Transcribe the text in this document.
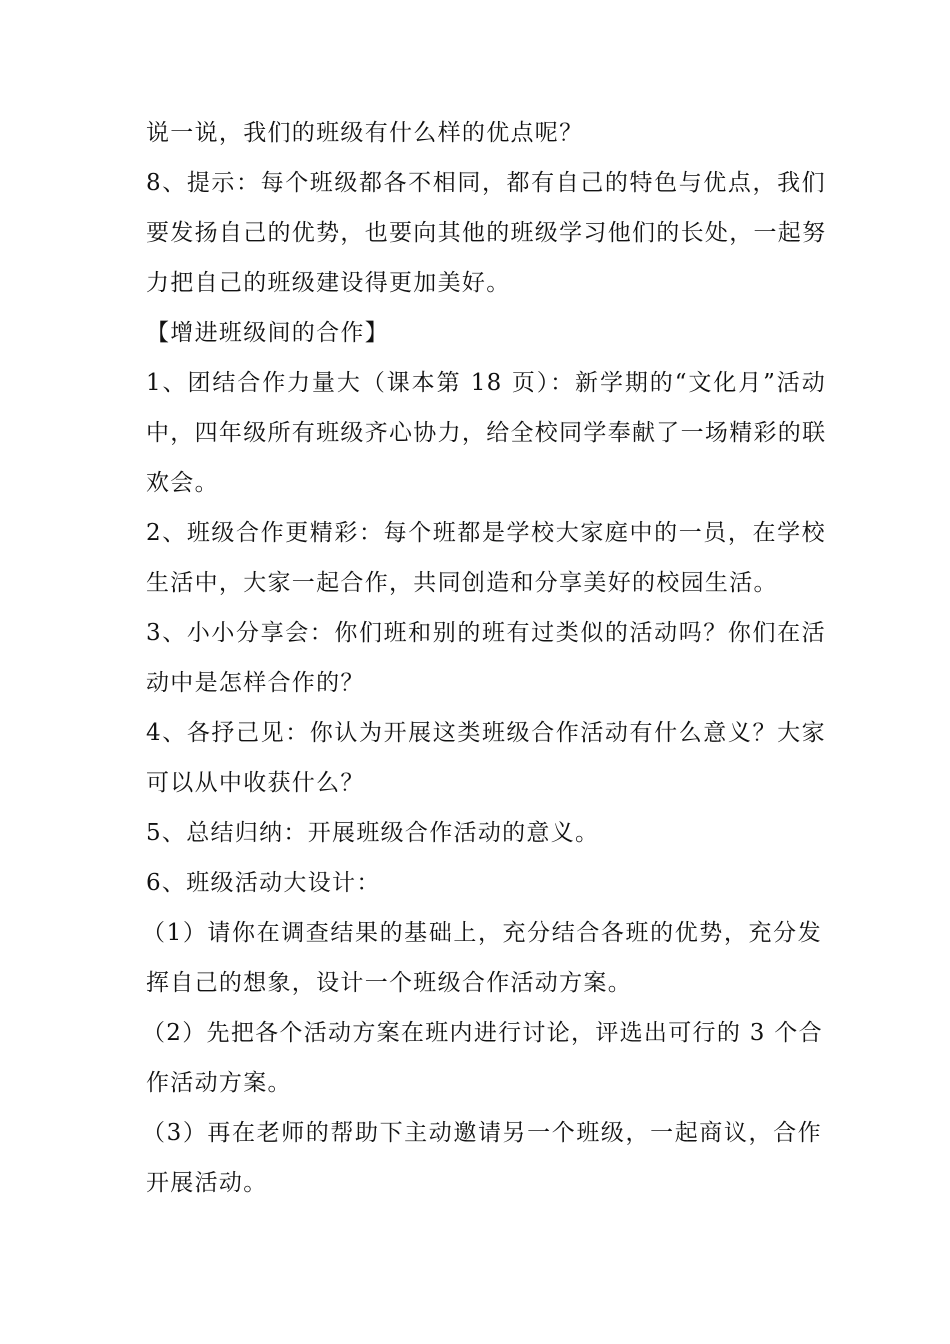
说一说，我们的班级有什么样的优点呢？
8、提示：每个班级都各不相同，都有自己的特色与优点，我们
要发扬自己的优势，也要向其他的班级学习他们的长处，一起努
力把自己的班级建设得更加美好。
【增进班级间的合作】
1、团结合作力量大（课本第 18 页）：新学期的“文化月”活动
中，四年级所有班级齐心协力，给全校同学奉献了一场精彩的联
欢会。
2、班级合作更精彩：每个班都是学校大家庭中的一员，在学校
生活中，大家一起合作，共同创造和分享美好的校园生活。
3、小小分享会：你们班和别的班有过类似的活动吗？你们在活
动中是怎样合作的？
4、各抒己见：你认为开展这类班级合作活动有什么意义？大家
可以从中收获什么？
5、总结归纳：开展班级合作活动的意义。
6、班级活动大设计：
（1）请你在调查结果的基础上，充分结合各班的优势，充分发
挥自己的想象，设计一个班级合作活动方案。
（2）先把各个活动方案在班内进行讨论，评选出可行的 3 个合
作活动方案。
（3）再在老师的帮助下主动邀请另一个班级，一起商议，合作
开展活动。
